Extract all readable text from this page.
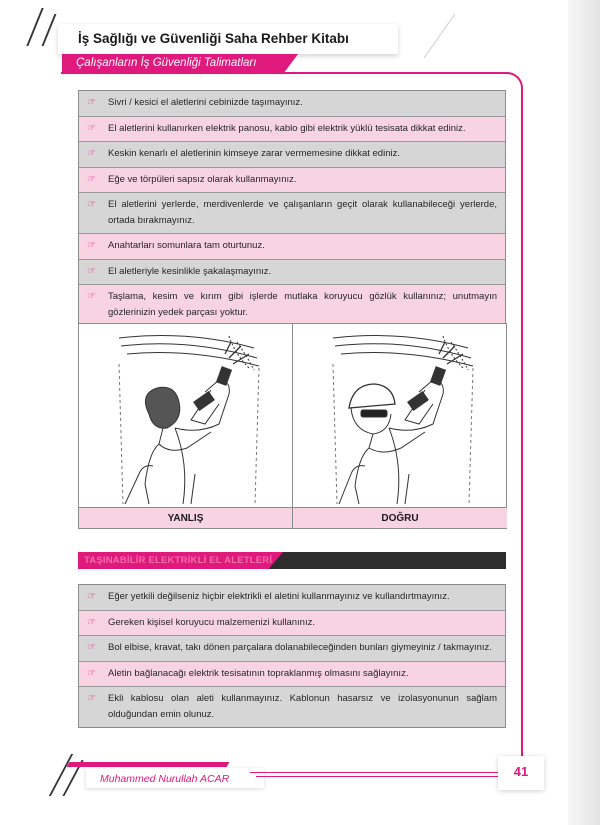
İş Sağlığı ve Güvenliği Saha Rehber Kitabı
Çalışanların İş Güvenliği Talimatları
☞	Sivri / kesici el aletlerini cebinizde taşımayınız.
☞	El aletlerini kullanırken elektrik panosu, kablo gibi elektrik yüklü tesisata dikkat ediniz.
☞	Keskin kenarlı el aletlerinin kimseye zarar vermemesine dikkat ediniz.
☞	Eğe ve törpüleri sapsız olarak kullanmayınız.
☞	El aletlerini yerlerde, merdivenlerde ve çalışanların geçit olarak kullanabileceği yerlerde, ortada bırakmayınız.
☞	Anahtarları somunlara tam oturtunuz.
☞	El aletleriyle kesinlikle şakalaşmayınız.
☞	Taşlama, kesim ve kırım gibi işlerde mutlaka koruyucu gözlük kullanınız; unutmayın gözlerinizin yedek parçası yoktur.
YANLIŞ	DOĞRU
TAŞINABİLİR ELEKTRİKLİ EL ALETLERİ
☞	Eğer yetkili değilseniz hiçbir elektrikli el aletini kullanmayınız ve kullandırtmayınız.
☞	Gereken kişisel koruyucu malzemenizi kullanınız.
☞	Bol elbise, kravat, takı dönen parçalara dolanabileceğinden bunları giymeyiniz / takmayınız.
☞	Aletin bağlanacağı elektrik tesisatının topraklanmış olmasını sağlayınız.
☞	Ekli kablosu olan aleti kullanmayınız. Kablonun hasarsız ve izolasyonunun sağlam olduğundan emin olunuz.
Muhammed Nurullah ACAR	41
